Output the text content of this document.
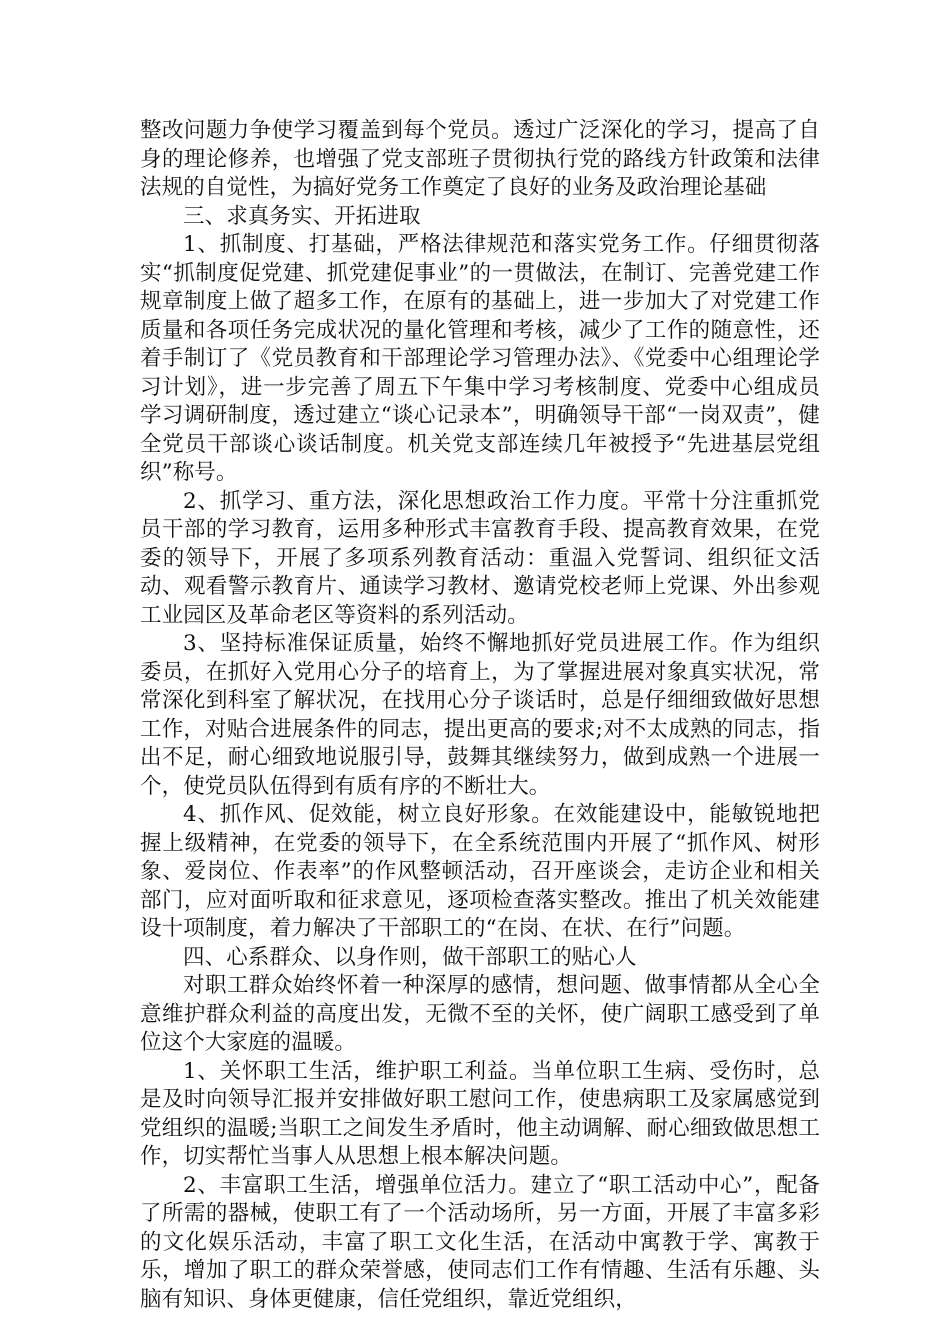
整改问题力争使学习覆盖到每个党员。透过广泛深化的学习，提高了自身的理论修养，也增强了党支部班子贯彻执行党的路线方针政策和法律法规的自觉性，为搞好党务工作奠定了良好的业务及政治理论基础

三、求真务实、开拓进取

1、抓制度、打基础，严格法律规范和落实党务工作。仔细贯彻落实“抓制度促党建、抓党建促事业”的一贯做法，在制订、完善党建工作规章制度上做了超多工作，在原有的基础上，进一步加大了对党建工作质量和各项任务完成状况的量化管理和考核，减少了工作的随意性，还着手制订了《党员教育和干部理论学习管理办法》、《党委中心组理论学习计划》，进一步完善了周五下午集中学习考核制度、党委中心组成员学习调研制度，透过建立“谈心记录本”，明确领导干部“一岗双责”，健全党员干部谈心谈话制度。机关党支部连续几年被授予“先进基层党组织”称号。

2、抓学习、重方法，深化思想政治工作力度。平常十分注重抓党员干部的学习教育，运用多种形式丰富教育手段、提高教育效果，在党委的领导下，开展了多项系列教育活动：重温入党誓词、组织征文活动、观看警示教育片、通读学习教材、邀请党校老师上党课、外出参观工业园区及革命老区等资料的系列活动。

3、坚持标准保证质量，始终不懈地抓好党员进展工作。作为组织委员，在抓好入党用心分子的培育上，为了掌握进展对象真实状况，常常深化到科室了解状况，在找用心分子谈话时，总是仔细细致做好思想工作，对贴合进展条件的同志，提出更高的要求;对不太成熟的同志，指出不足，耐心细致地说服引导，鼓舞其继续努力，做到成熟一个进展一个，使党员队伍得到有质有序的不断壮大。

4、抓作风、促效能，树立良好形象。在效能建设中，能敏锐地把握上级精神，在党委的领导下，在全系统范围内开展了“抓作风、树形象、爱岗位、作表率”的作风整顿活动，召开座谈会，走访企业和相关部门，应对面听取和征求意见，逐项检查落实整改。推出了机关效能建设十项制度，着力解决了干部职工的“在岗、在状、在行”问题。

四、心系群众、以身作则，做干部职工的贴心人

对职工群众始终怀着一种深厚的感情，想问题、做事情都从全心全意维护群众利益的高度出发，无微不至的关怀，使广阔职工感受到了单位这个大家庭的温暖。

1、关怀职工生活，维护职工利益。当单位职工生病、受伤时，总是及时向领导汇报并安排做好职工慰问工作，使患病职工及家属感觉到党组织的温暖;当职工之间发生矛盾时，他主动调解、耐心细致做思想工作，切实帮忙当事人从思想上根本解决问题。

2、丰富职工生活，增强单位活力。建立了“职工活动中心”，配备了所需的器械，使职工有了一个活动场所，另一方面，开展了丰富多彩的文化娱乐活动，丰富了职工文化生活，在活动中寓教于学、寓教于乐，增加了职工的群众荣誉感，使同志们工作有情趣、生活有乐趣、头脑有知识、身体更健康，信任党组织，靠近党组织，
